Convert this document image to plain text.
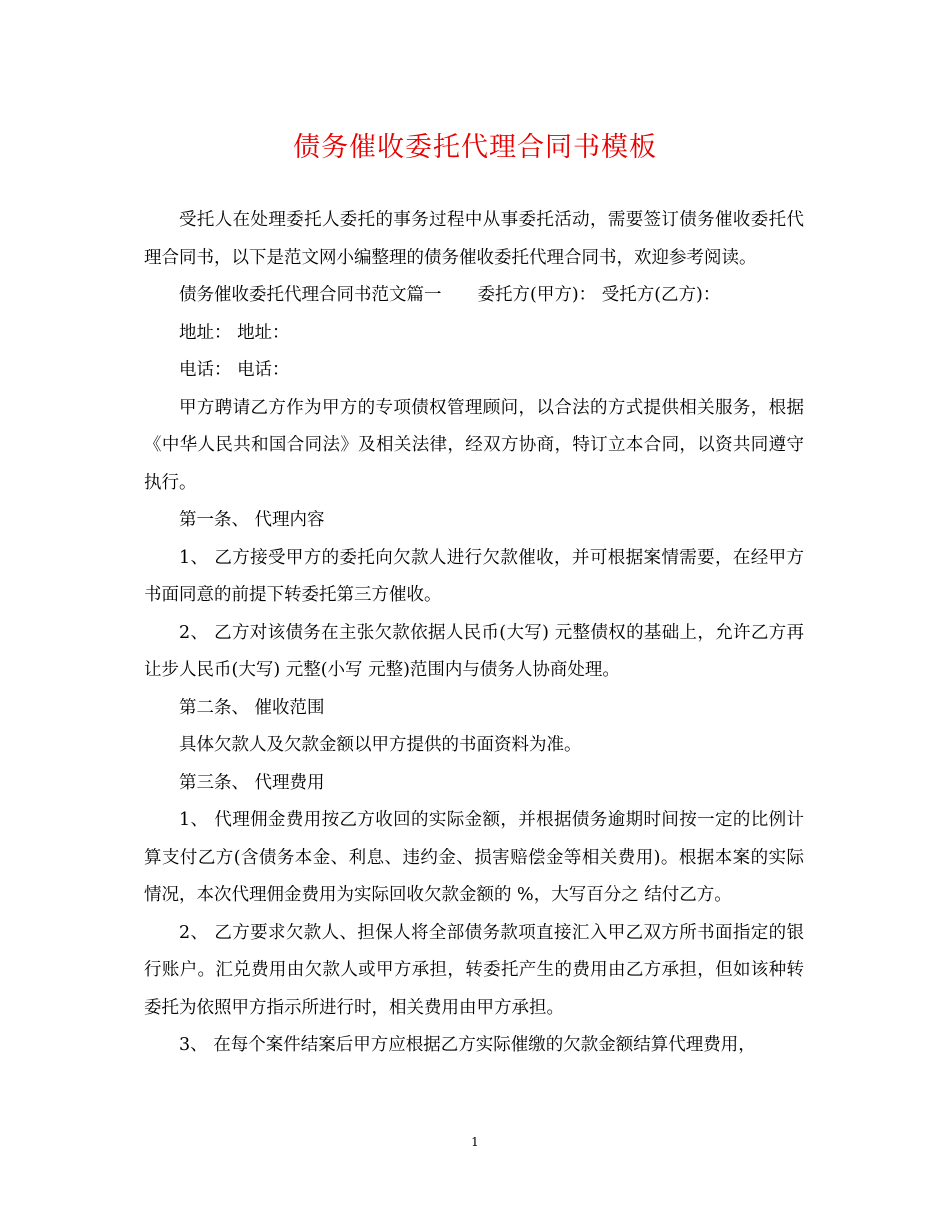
债务催收委托代理合同书模板

受托人在处理委托人委托的事务过程中从事委托活动，需要签订债务催收委托代理合同书，以下是范文网小编整理的债务催收委托代理合同书，欢迎参考阅读。

债务催收委托代理合同书范文篇一 委托方(甲方)： 受托方(乙方)：

地址： 地址：

电话： 电话：

甲方聘请乙方作为甲方的专项债权管理顾问，以合法的方式提供相关服务，根据《中华人民共和国合同法》及相关法律，经双方协商，特订立本合同，以资共同遵守执行。

第一条、 代理内容

1、 乙方接受甲方的委托向欠款人进行欠款催收，并可根据案情需要，在经甲方书面同意的前提下转委托第三方催收。

2、 乙方对该债务在主张欠款依据人民币(大写) 元整债权的基础上，允许乙方再让步人民币(大写) 元整(小写 元整)范围内与债务人协商处理。

第二条、 催收范围

具体欠款人及欠款金额以甲方提供的书面资料为准。

第三条、 代理费用

1、 代理佣金费用按乙方收回的实际金额，并根据债务逾期时间按一定的比例计算支付乙方(含债务本金、利息、违约金、损害赔偿金等相关费用)。根据本案的实际情况，本次代理佣金费用为实际回收欠款金额的 %，大写百分之 结付乙方。

2、 乙方要求欠款人、担保人将全部债务款项直接汇入甲乙双方所书面指定的银行账户。汇兑费用由欠款人或甲方承担，转委托产生的费用由乙方承担，但如该种转委托为依照甲方指示所进行时，相关费用由甲方承担。

3、 在每个案件结案后甲方应根据乙方实际催缴的欠款金额结算代理费用，

1
